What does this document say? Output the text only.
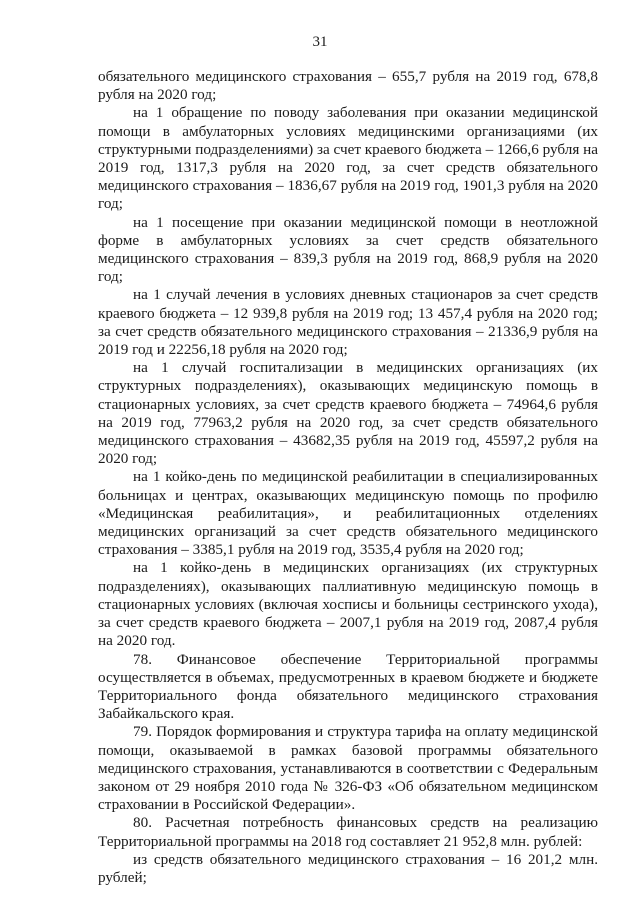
31

обязательного медицинского страхования – 655,7 рубля на 2019 год, 678,8 рубля на 2020 год;

на 1 обращение по поводу заболевания при оказании медицинской помощи в амбулаторных условиях медицинскими организациями (их структурными подразделениями) за счет краевого бюджета – 1266,6 рубля на 2019 год, 1317,3 рубля на 2020 год, за счет средств обязательного медицинского страхования – 1836,67 рубля на 2019 год, 1901,3 рубля на 2020 год;

на 1 посещение при оказании медицинской помощи в неотложной форме в амбулаторных условиях за счет средств обязательного медицинского страхования – 839,3 рубля на 2019 год, 868,9 рубля на 2020 год;

на 1 случай лечения в условиях дневных стационаров за счет средств краевого бюджета – 12 939,8 рубля на 2019 год; 13 457,4 рубля на 2020 год; за счет средств обязательного медицинского страхования – 21336,9 рубля на 2019 год и 22256,18 рубля на 2020 год;

на 1 случай госпитализации в медицинских организациях (их структурных подразделениях), оказывающих медицинскую помощь в стационарных условиях, за счет средств краевого бюджета – 74964,6 рубля на 2019 год, 77963,2 рубля на 2020 год, за счет средств обязательного медицинского страхования – 43682,35 рубля на 2019 год, 45597,2 рубля на 2020 год;

на 1 койко-день по медицинской реабилитации в специализированных больницах и центрах, оказывающих медицинскую помощь по профилю «Медицинская реабилитация», и реабилитационных отделениях медицинских организаций за счет средств обязательного медицинского страхования – 3385,1 рубля на 2019 год, 3535,4 рубля на 2020 год;

на 1 койко-день в медицинских организациях (их структурных подразделениях), оказывающих паллиативную медицинскую помощь в стационарных условиях (включая хосписы и больницы сестринского ухода), за счет средств краевого бюджета – 2007,1 рубля на 2019 год, 2087,4 рубля на 2020 год.

78. Финансовое обеспечение Территориальной программы осуществляется в объемах, предусмотренных в краевом бюджете и бюджете Территориального фонда обязательного медицинского страхования Забайкальского края.

79. Порядок формирования и структура тарифа на оплату медицинской помощи, оказываемой в рамках базовой программы обязательного медицинского страхования, устанавливаются в соответствии с Федеральным законом от 29 ноября 2010 года № 326-ФЗ «Об обязательном медицинском страховании в Российской Федерации».

80. Расчетная потребность финансовых средств на реализацию Территориальной программы на 2018 год составляет 21 952,8 млн. рублей:

из средств обязательного медицинского страхования – 16 201,2 млн. рублей;
